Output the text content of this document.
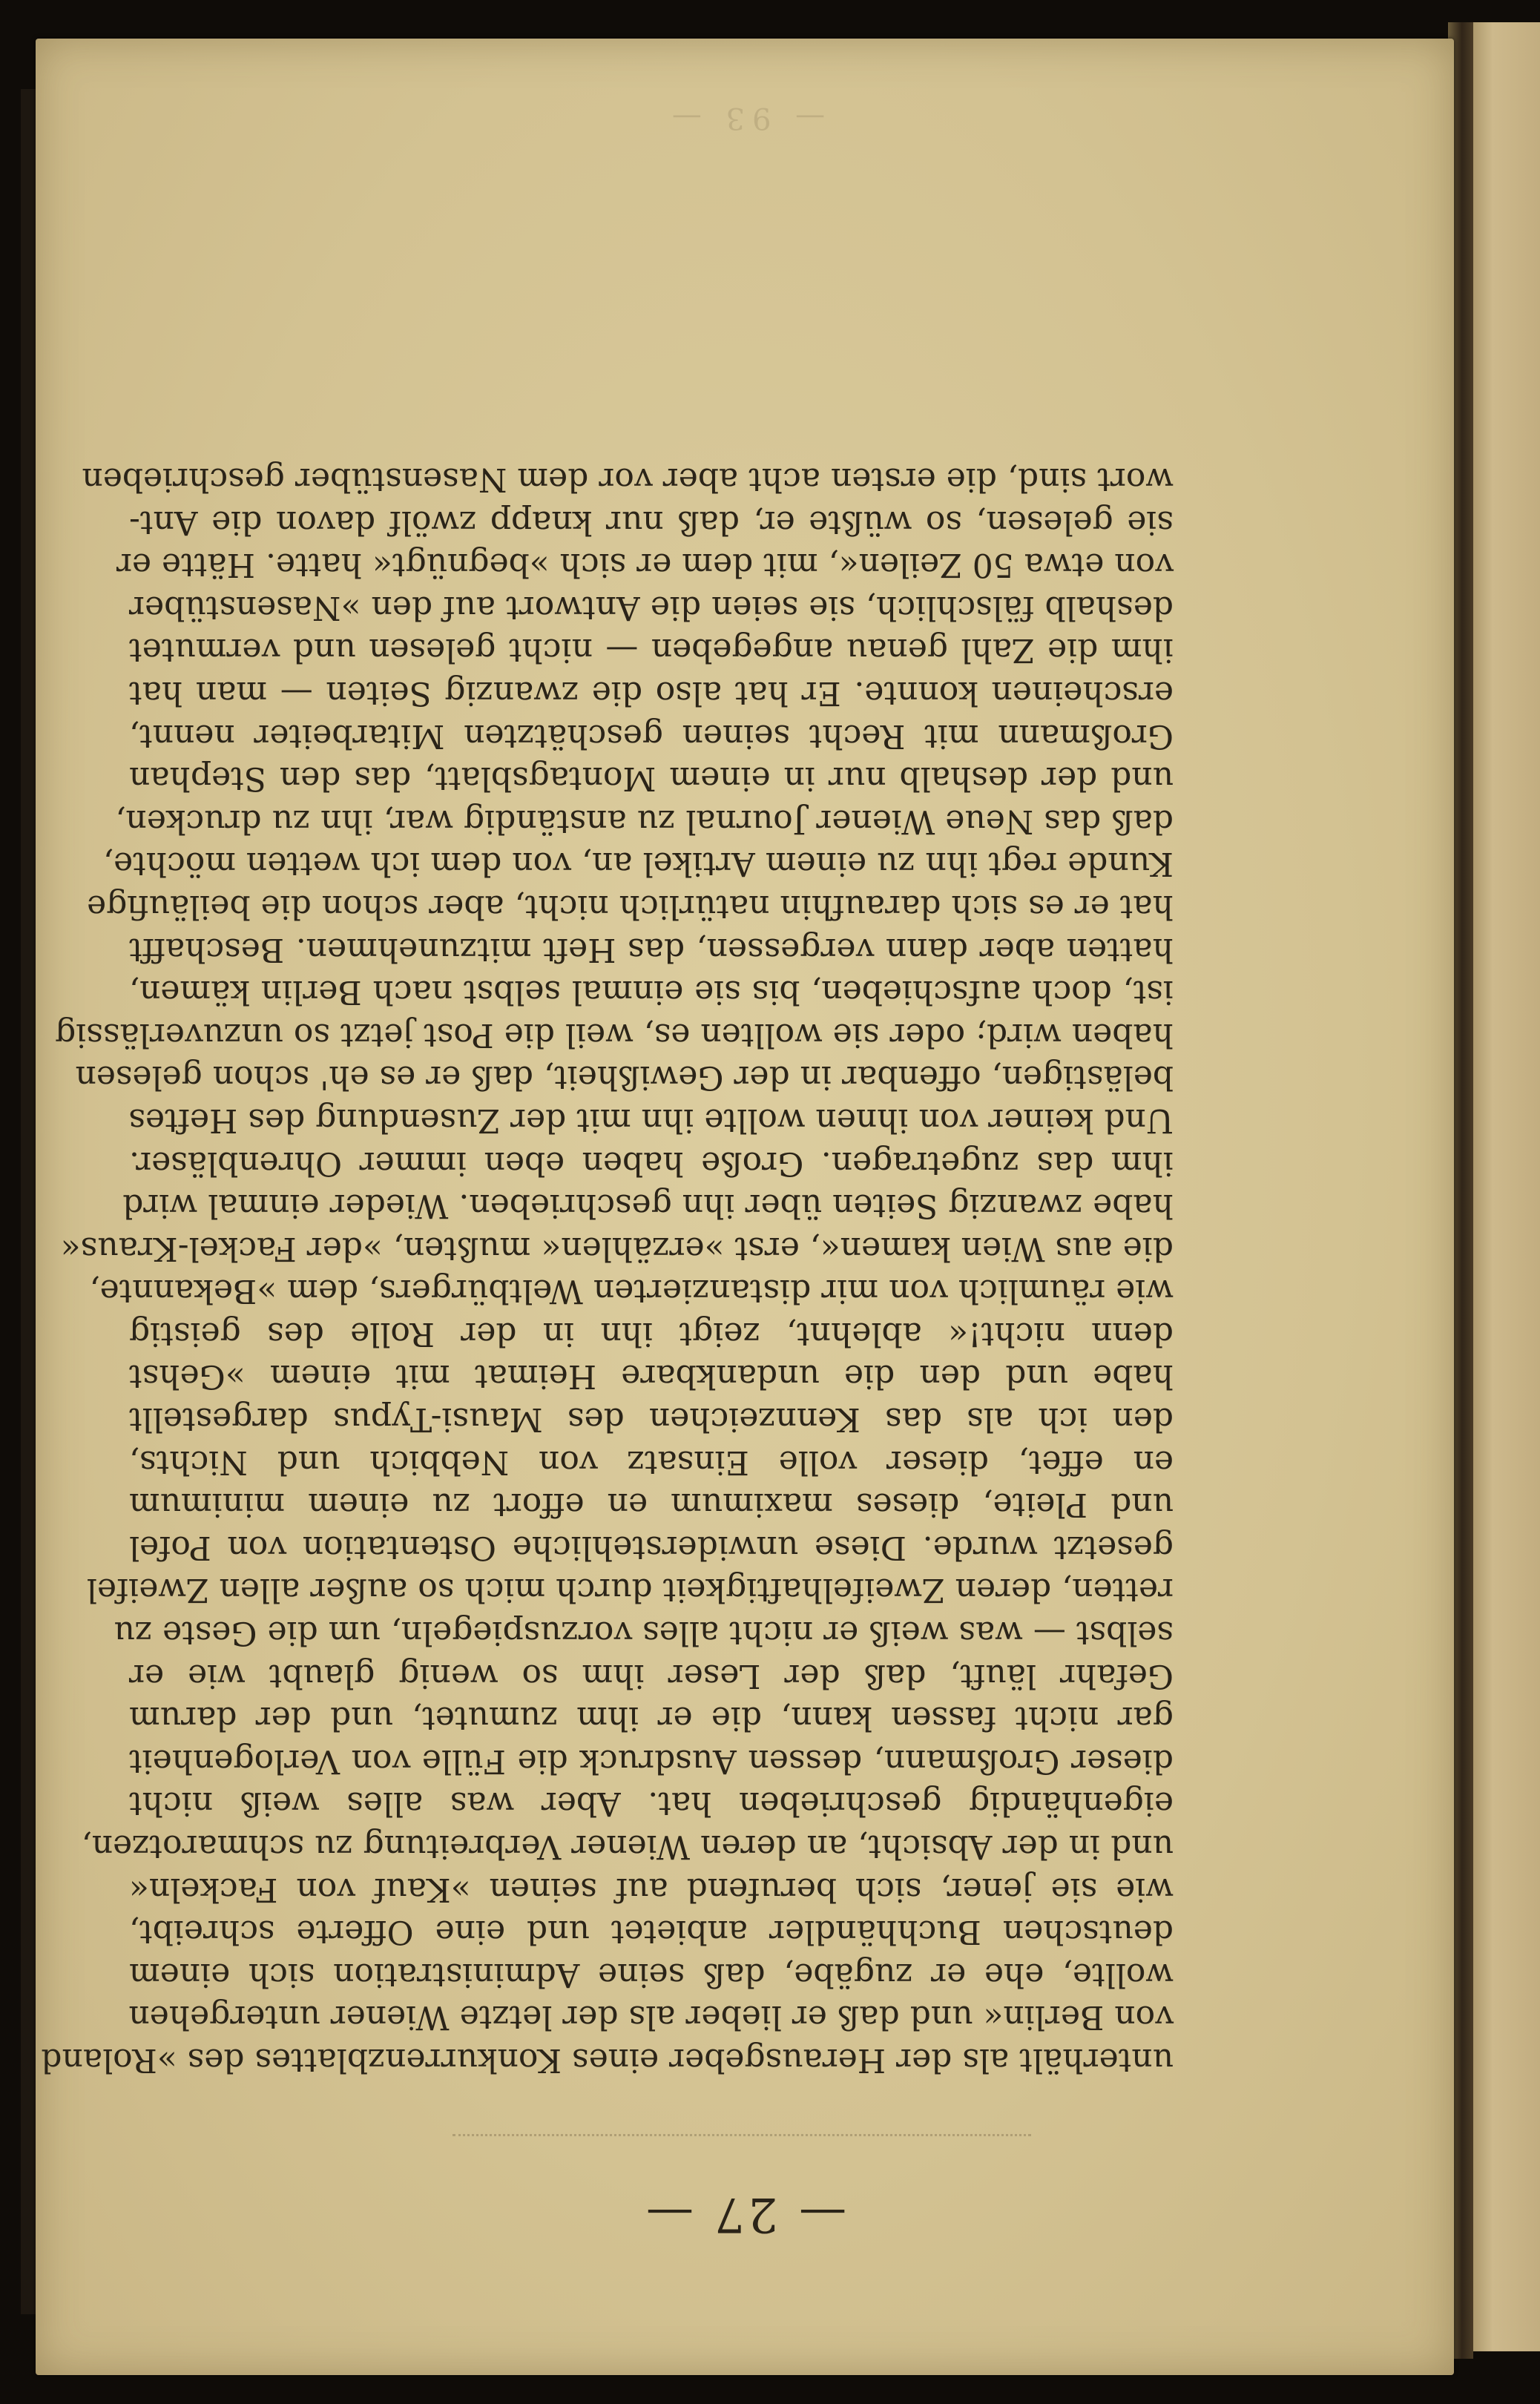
— 93 —
— 27 —
unterhält als der Herausgeber eines Konkurrenzblattes des »Roland
von Berlin« und daß er lieber als der letzte Wiener untergehen
wollte, ehe er zugäbe, daß seine Administration sich einem
deutschen Buchhändler anbietet und eine Offerte schreibt,
wie sie jener, sich berufend auf seinen »Kauf von Fackeln«
und in der Absicht, an deren Wiener Verbreitung zu schmarotzen,
eigenhändig geschrieben hat. Aber was alles weiß nicht
dieser Großmann, dessen Ausdruck die Fülle von Verlogenheit
gar nicht fassen kann, die er ihm zumutet, und der darum
Gefahr läuft, daß der Leser ihm so wenig glaubt wie er
selbst — was weiß er nicht alles vorzuspiegeln, um die Geste zu
retten, deren Zweifelhaftigkeit durch mich so außer allen Zweifel
gesetzt wurde. Diese unwiderstehliche Ostentation von Pofel
und Pleite, dieses maximum en effort zu einem minimum
en effet, dieser volle Einsatz von Nebbich und Nichts,
den ich als das Kennzeichen des Mausi-Typus dargestellt
habe und den die undankbare Heimat mit einem »Gehst
denn nicht!« ablehnt, zeigt ihn in der Rolle des geistig
wie räumlich von mir distanzierten Weltbürgers, dem »Bekannte,
die aus Wien kamen«, erst »erzählen« mußten, »der Fackel-Kraus«
habe zwanzig Seiten über ihn geschrieben. Wieder einmal wird
ihm das zugetragen. Große haben eben immer Ohrenbläser.
Und keiner von ihnen wollte ihn mit der Zusendung des Heftes
belästigen, offenbar in der Gewißheit, daß er es eh' schon gelesen
haben wird; oder sie wollten es, weil die Post jetzt so unzuverlässig
ist, doch aufschieben, bis sie einmal selbst nach Berlin kämen,
hatten aber dann vergessen, das Heft mitzunehmen. Beschafft
hat er es sich daraufhin natürlich nicht, aber schon die beiläufige
Kunde regt ihn zu einem Artikel an, von dem ich wetten möchte,
daß das Neue Wiener Journal zu anständig war, ihn zu drucken,
und der deshalb nur in einem Montagsblatt, das den Stephan
Großmann mit Recht seinen geschätzten Mitarbeiter nennt,
erscheinen konnte. Er hat also die zwanzig Seiten — man hat
ihm die Zahl genau angegeben — nicht gelesen und vermutet
deshalb fälschlich, sie seien die Antwort auf den »Nasenstüber
von etwa 50 Zeilen«, mit dem er sich »begnügt« hatte. Hätte er
sie gelesen, so wüßte er, daß nur knapp zwölf davon die Ant-
wort sind, die ersten acht aber vor dem Nasenstüber geschrieben
